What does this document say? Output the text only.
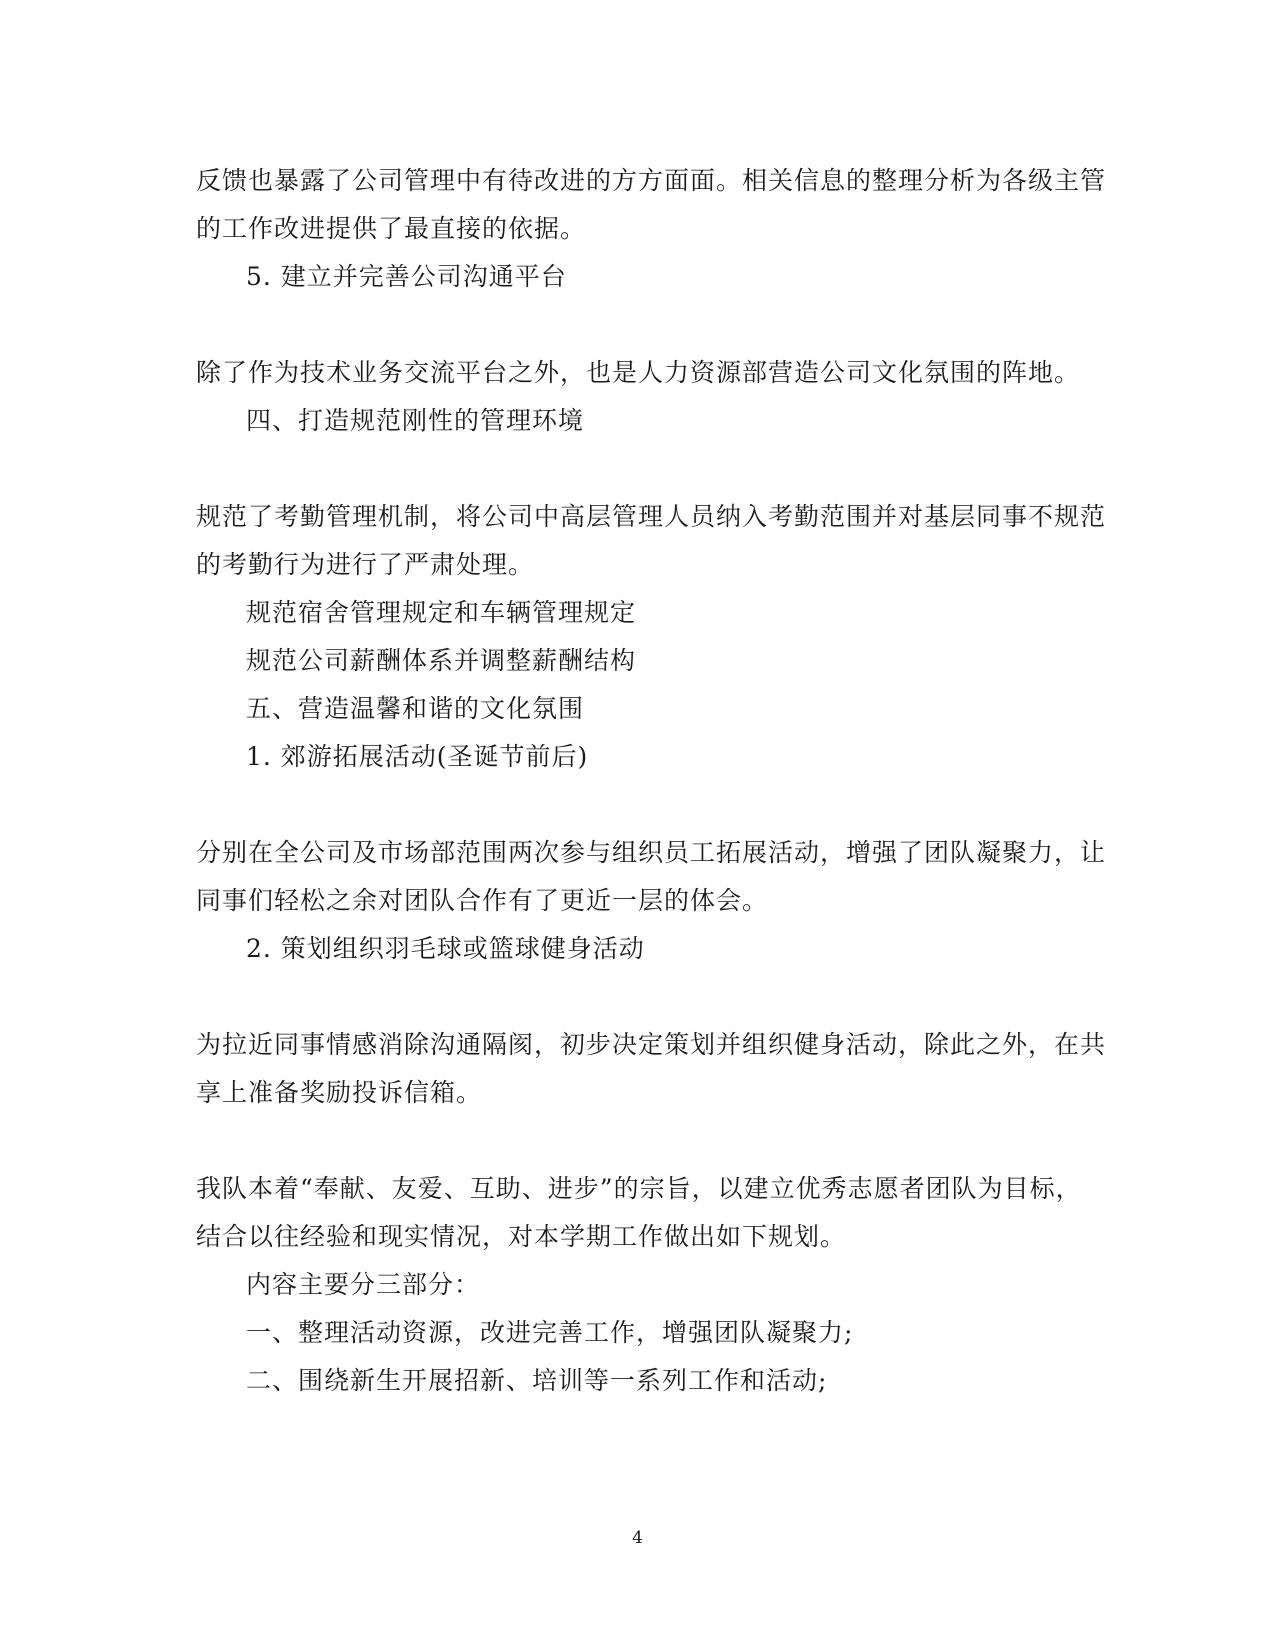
反馈也暴露了公司管理中有待改进的方方面面。相关信息的整理分析为各级主管
的工作改进提供了最直接的依据。
5. 建立并完善公司沟通平台
除了作为技术业务交流平台之外，也是人力资源部营造公司文化氛围的阵地。
四、打造规范刚性的管理环境
规范了考勤管理机制，将公司中高层管理人员纳入考勤范围并对基层同事不规范
的考勤行为进行了严肃处理。
规范宿舍管理规定和车辆管理规定
规范公司薪酬体系并调整薪酬结构
五、营造温馨和谐的文化氛围
1. 郊游拓展活动(圣诞节前后)
分别在全公司及市场部范围两次参与组织员工拓展活动，增强了团队凝聚力，让
同事们轻松之余对团队合作有了更近一层的体会。
2. 策划组织羽毛球或篮球健身活动
为拉近同事情感消除沟通隔阂，初步决定策划并组织健身活动，除此之外，在共
享上准备奖励投诉信箱。
我队本着“奉献、友爱、互助、进步”的宗旨，以建立优秀志愿者团队为目标，
结合以往经验和现实情况，对本学期工作做出如下规划。
内容主要分三部分：
一、整理活动资源，改进完善工作，增强团队凝聚力;
二、围绕新生开展招新、培训等一系列工作和活动;
4
